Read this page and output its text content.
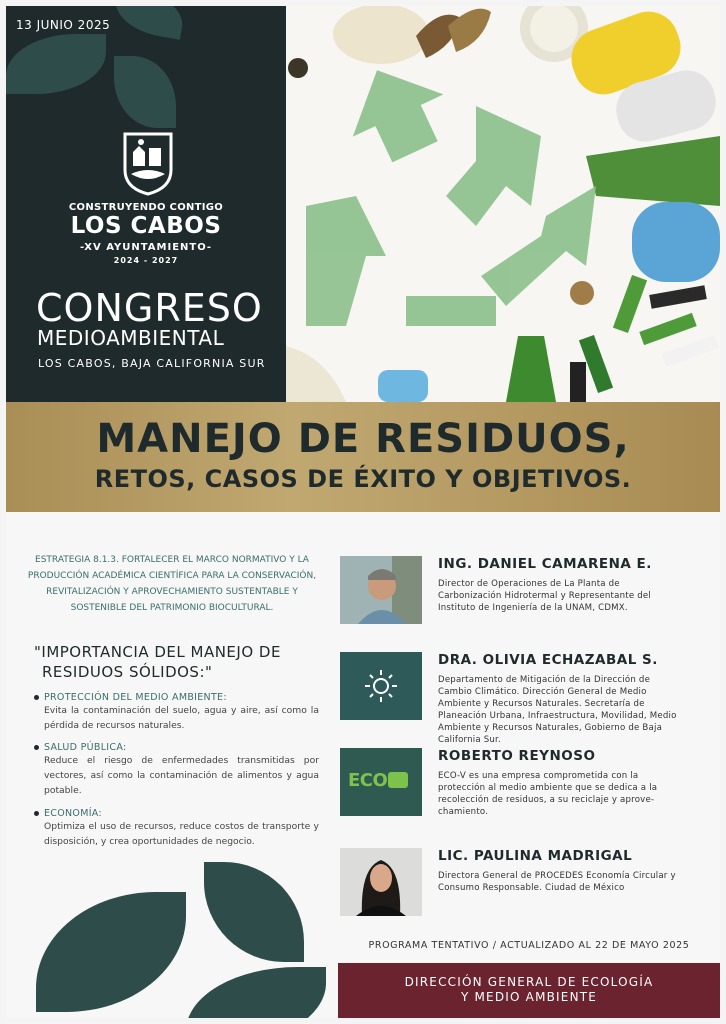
13 JUNIO 2025
CONSTRUYENDO CONTIGO
LOS CABOS
-XV AYUNTAMIENTO-
2024 - 2027
CONGRESO
MEDIOAMBIENTAL
LOS CABOS, BAJA CALIFORNIA SUR
MANEJO DE RESIDUOS,
RETOS, CASOS DE ÉXITO Y OBJETIVOS.
ESTRATEGIA 8.1.3. FORTALECER EL MARCO NORMATIVO Y LA
PRODUCCIÓN ACADÉMICA CIENTÍFICA PARA LA CONSERVACIÓN,
REVITALIZACIÓN Y APROVECHAMIENTO SUSTENTABLE Y
SOSTENIBLE DEL PATRIMONIO BIOCULTURAL.
"IMPORTANCIA DEL MANEJO DE
RESIDUOS SÓLIDOS:"
PROTECCIÓN DEL MEDIO AMBIENTE:
Evita la contaminación del suelo, agua y aire, así como la pérdida de recursos naturales.
SALUD PÚBLICA:
Reduce el riesgo de enfermedades transmitidas por vectores, así como la contaminación de alimentos y agua potable.
ECONOMÍA:
Optimiza el uso de recursos, reduce costos de transporte y disposición, y crea oportunidades de negocio.
ING. DANIEL CAMARENA E.
Director de Operaciones de La Planta de Carbonización Hidrotermal y Representante del Instituto de Ingeniería de la UNAM, CDMX.
DRA. OLIVIA ECHAZABAL S.
Departamento de Mitigación de la Dirección de Cambio Climático. Dirección General de Medio Ambiente y Recursos Naturales. Secretaría de Planeación Urbana, Infraestructura, Movilidad, Medio Ambiente y Recursos Naturales, Gobierno de Baja California Sur.
ECO
ROBERTO REYNOSO
ECO-V es una empresa comprometida con la protección al medio ambiente que se dedica a la recolección de residuos, a su reciclaje y aprove-chamiento.
LIC. PAULINA MADRIGAL
Directora General de PROCEDES Economía Circular y Consumo Responsable. Ciudad de México
PROGRAMA TENTATIVO / ACTUALIZADO AL 22 DE MAYO 2025
DIRECCIÓN GENERAL DE ECOLOGÍA
Y MEDIO AMBIENTE
